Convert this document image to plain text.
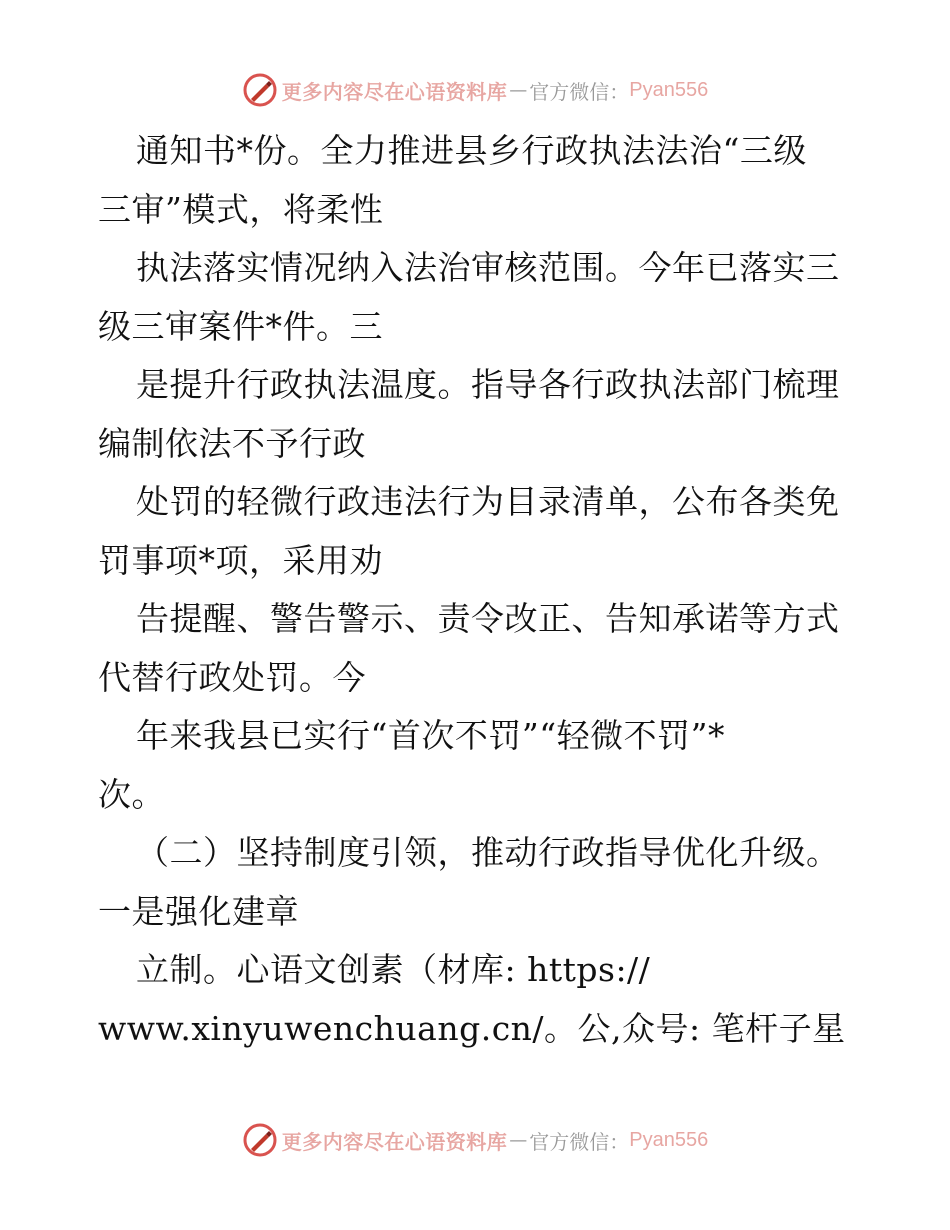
更多内容尽在心语资料库 — 官方微信： Pyan556
通知书*份。全力推进县乡行政执法法治“三级
三审”模式，将柔性
执法落实情况纳入法治审核范围。今年已落实三
级三审案件*件。三
是提升行政执法温度。指导各行政执法部门梳理
编制依法不予行政
处罚的轻微行政违法行为目录清单，公布各类免
罚事项*项，采用劝
告提醒、警告警示、责令改正、告知承诺等方式
代替行政处罚。今
年来我县已实行“首次不罚”“轻微不罚”*
次。
（二）坚持制度引领，推动行政指导优化升级。
一是强化建章
立制。心语文创素（材库: https://
www.xinyuwenchuang.cn/。公,众号: 笔杆子星
更多内容尽在心语资料库 — 官方微信： Pyan556
